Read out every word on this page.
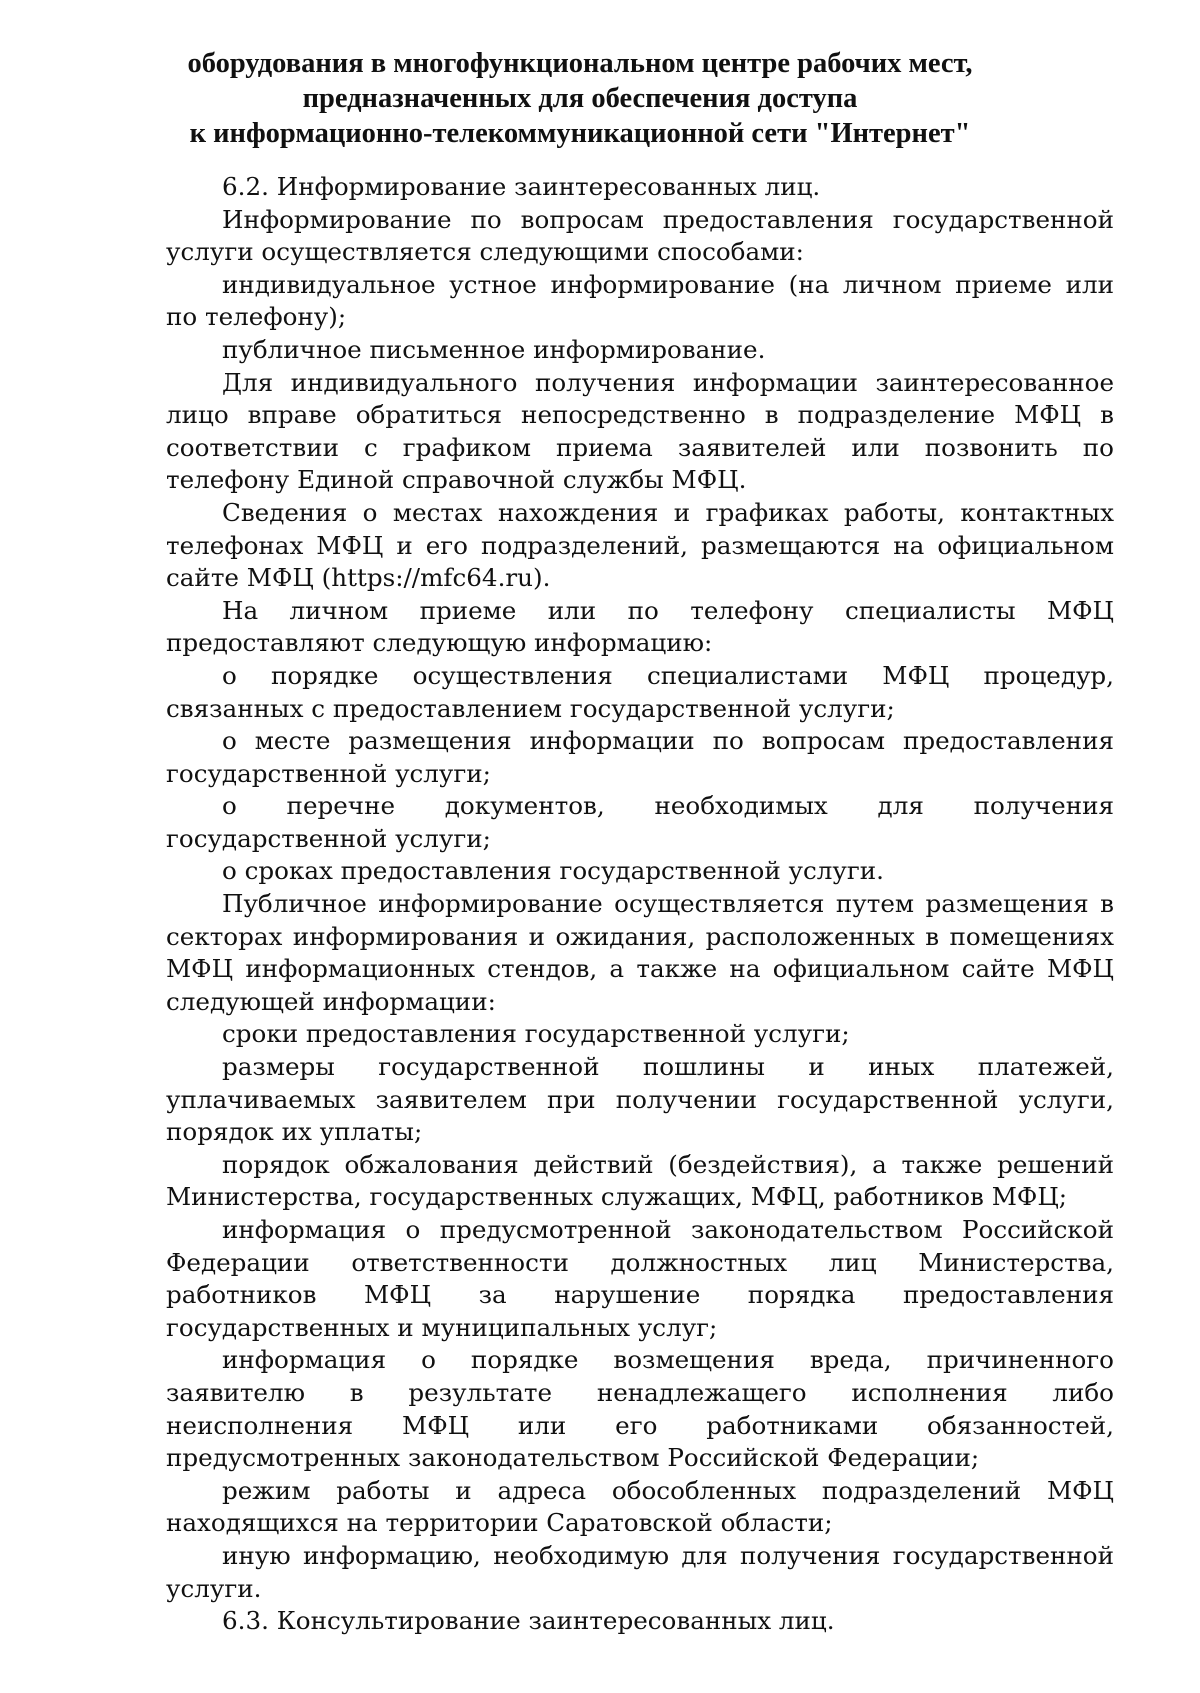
оборудования в многофункциональном центре рабочих мест,
предназначенных для обеспечения доступа
к информационно-телекоммуникационной сети "Интернет"

6.2. Информирование заинтересованных лиц.

Информирование по вопросам предоставления государственной услуги осуществляется следующими способами:

индивидуальное устное информирование (на личном приеме или по телефону);

публичное письменное информирование.

Для индивидуального получения информации заинтересованное лицо вправе обратиться непосредственно в подразделение МФЦ в соответствии с графиком приема заявителей или позвонить по телефону Единой справочной службы МФЦ.

Сведения о местах нахождения и графиках работы, контактных телефонах МФЦ и его подразделений, размещаются на официальном сайте МФЦ (https://mfc64.ru).

На личном приеме или по телефону специалисты МФЦ предоставляют следующую информацию:

о порядке осуществления специалистами МФЦ процедур, связанных с предоставлением государственной услуги;

о месте размещения информации по вопросам предоставления государственной услуги;

о перечне документов, необходимых для получения государственной услуги;

о сроках предоставления государственной услуги.

Публичное информирование осуществляется путем размещения в секторах информирования и ожидания, расположенных в помещениях МФЦ информационных стендов, а также на официальном сайте МФЦ следующей информации:

сроки предоставления государственной услуги;

размеры государственной пошлины и иных платежей, уплачиваемых заявителем при получении государственной услуги, порядок их уплаты;

порядок обжалования действий (бездействия), а также решений Министерства, государственных служащих, МФЦ, работников МФЦ;

информация о предусмотренной законодательством Российской Федерации ответственности должностных лиц Министерства, работников МФЦ за нарушение порядка предоставления государственных и муниципальных услуг;

информация о порядке возмещения вреда, причиненного заявителю в результате ненадлежащего исполнения либо неисполнения МФЦ или его работниками обязанностей, предусмотренных законодательством Российской Федерации;

режим работы и адреса обособленных подразделений МФЦ находящихся на территории Саратовской области;

иную информацию, необходимую для получения государственной услуги.

6.3. Консультирование заинтересованных лиц.
